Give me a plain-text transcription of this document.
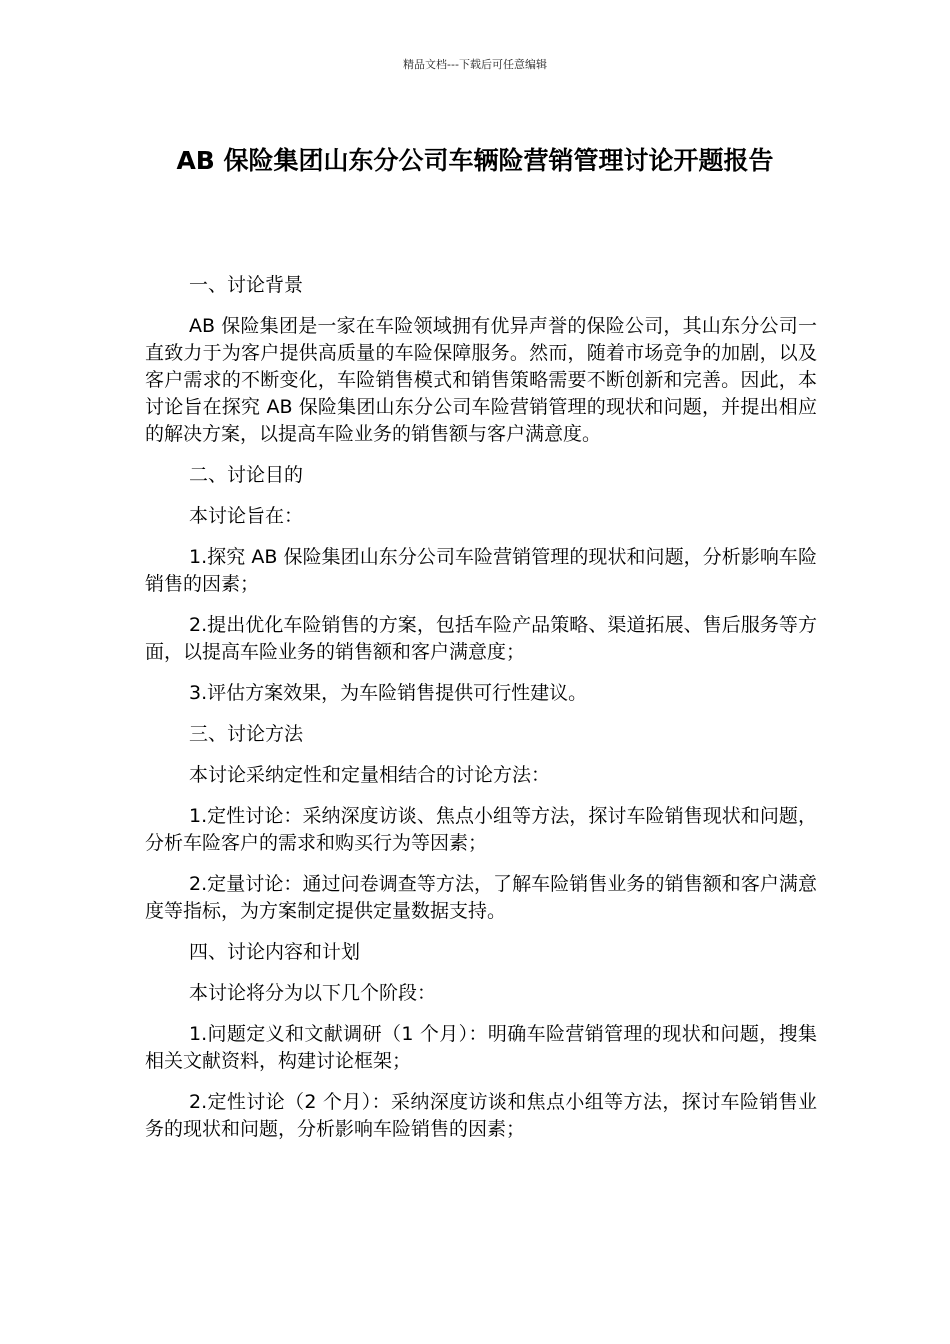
精品文档---下载后可任意编辑
AB 保险集团山东分公司车辆险营销管理讨论开题报告

一、讨论背景

AB 保险集团是一家在车险领域拥有优异声誉的保险公司，其山东分公司一直致力于为客户提供高质量的车险保障服务。然而，随着市场竞争的加剧，以及客户需求的不断变化，车险销售模式和销售策略需要不断创新和完善。因此，本讨论旨在探究 AB 保险集团山东分公司车险营销管理的现状和问题，并提出相应的解决方案，以提高车险业务的销售额与客户满意度。

二、讨论目的

本讨论旨在：

1.探究 AB 保险集团山东分公司车险营销管理的现状和问题，分析影响车险销售的因素；

2.提出优化车险销售的方案，包括车险产品策略、渠道拓展、售后服务等方面，以提高车险业务的销售额和客户满意度；

3.评估方案效果，为车险销售提供可行性建议。

三、讨论方法

本讨论采纳定性和定量相结合的讨论方法：

1.定性讨论：采纳深度访谈、焦点小组等方法，探讨车险销售现状和问题，分析车险客户的需求和购买行为等因素；

2.定量讨论：通过问卷调查等方法，了解车险销售业务的销售额和客户满意度等指标，为方案制定提供定量数据支持。

四、讨论内容和计划

本讨论将分为以下几个阶段：

1.问题定义和文献调研（1 个月）：明确车险营销管理的现状和问题，搜集相关文献资料，构建讨论框架；

2.定性讨论（2 个月）：采纳深度访谈和焦点小组等方法，探讨车险销售业务的现状和问题，分析影响车险销售的因素；
